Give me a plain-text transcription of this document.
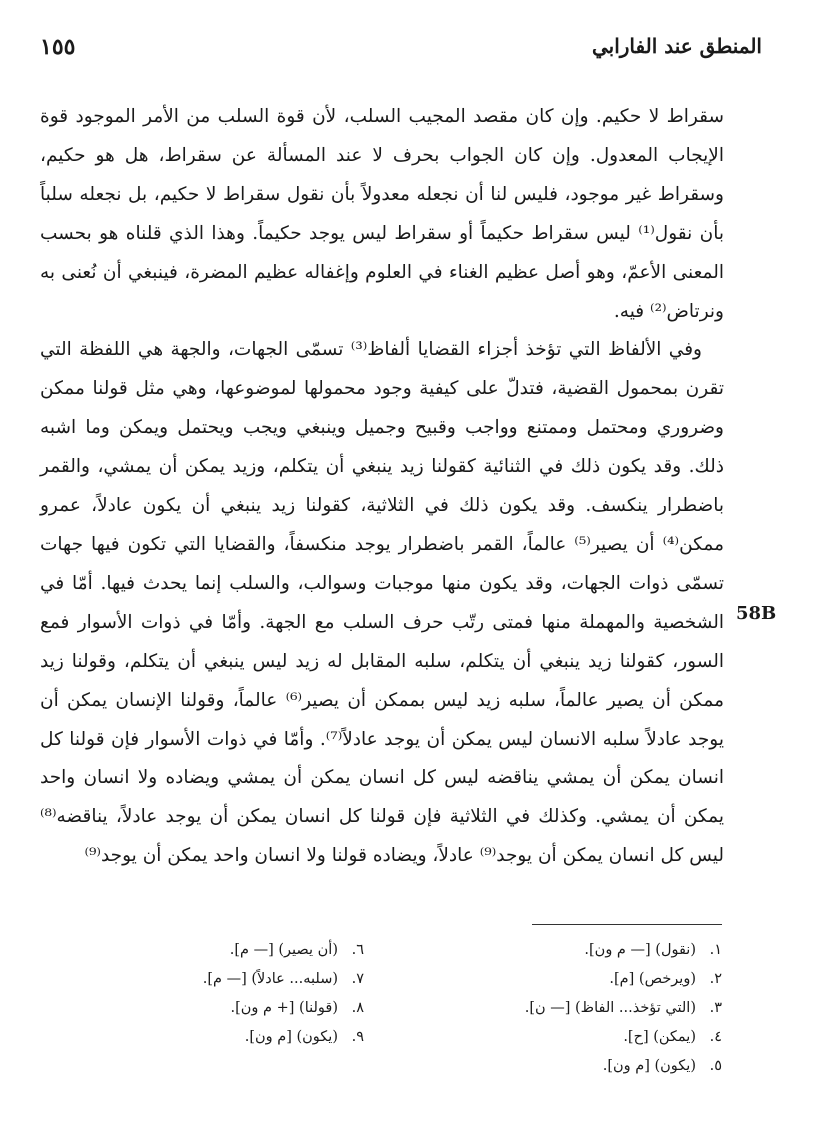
المنطق عند الفارابي
١٥٥
58B

سقراط لا حكيم. وإن كان مقصد المجيب السلب، لأن قوة السلب من الأمر الموجود قوة الإيجاب المعدول. وإن كان الجواب بحرف لا عند المسألة عن سقراط، هل هو حكيم، وسقراط غير موجود، فليس لنا أن نجعله معدولاً بأن نقول سقراط لا حكيم، بل نجعله سلباً بأن نقول⁽¹⁾ ليس سقراط حكيماً أو سقراط ليس يوجد حكيماً. وهذا الذي قلناه هو بحسب المعنى الأعمّ، وهو أصل عظيم الغناء في العلوم وإغفاله عظيم المضرة، فينبغي أن نُعنى به ونرتاض⁽²⁾ فيه.

وفي الألفاظ التي تؤخذ أجزاء القضايا ألفاظ⁽³⁾ تسمّى الجهات، والجهة هي اللفظة التي تقرن بمحمول القضية، فتدلّ على كيفية وجود محمولها لموضوعها، وهي مثل قولنا ممكن وضروري ومحتمل وممتنع وواجب وقبيح وجميل وينبغي ويجب ويحتمل ويمكن وما اشبه ذلك. وقد يكون ذلك في الثنائية كقولنا زيد ينبغي أن يتكلم، وزيد يمكن أن يمشي، والقمر باضطرار ينكسف. وقد يكون ذلك في الثلاثية، كقولنا زيد ينبغي أن يكون عادلاً، عمرو ممكن⁽⁴⁾ أن يصير⁽⁵⁾ عالماً، القمر باضطرار يوجد منكسفاً، والقضايا التي تكون فيها جهات تسمّى ذوات الجهات، وقد يكون منها موجبات وسوالب، والسلب إنما يحدث فيها. أمّا في الشخصية والمهملة منها فمتى رتّب حرف السلب مع الجهة. وأمّا في ذوات الأسوار فمع السور، كقولنا زيد ينبغي أن يتكلم، سلبه المقابل له زيد ليس ينبغي أن يتكلم، وقولنا زيد ممكن أن يصير عالماً، سلبه زيد ليس بممكن أن يصير⁽⁶⁾ عالماً، وقولنا الإنسان يمكن أن يوجد عادلاً سلبه الانسان ليس يمكن أن يوجد عادلاً⁽⁷⁾. وأمّا في ذوات الأسوار فإن قولنا كل انسان يمكن أن يمشي يناقضه ليس كل انسان يمكن أن يمشي ويضاده ولا انسان واحد يمكن أن يمشي. وكذلك في الثلاثية فإن قولنا كل انسان يمكن أن يوجد عادلاً، يناقضه⁽⁸⁾ ليس كل انسان يمكن أن يوجد⁽⁹⁾ عادلاً، ويضاده قولنا ولا انسان واحد يمكن أن يوجد⁽⁹⁾

١.(نقول) [— م ون].
٢.(ويرخص) [م].
٣.(التي تؤخذ... الفاظ) [— ن].
٤.(يمكن) [ح].
٥.(يكون) [م ون].
٦.(أن يصير) [— م].
٧.(سلبه... عادلاً) [— م].
٨.(قولنا) [+ م ون].
٩.(يكون) [م ون].
